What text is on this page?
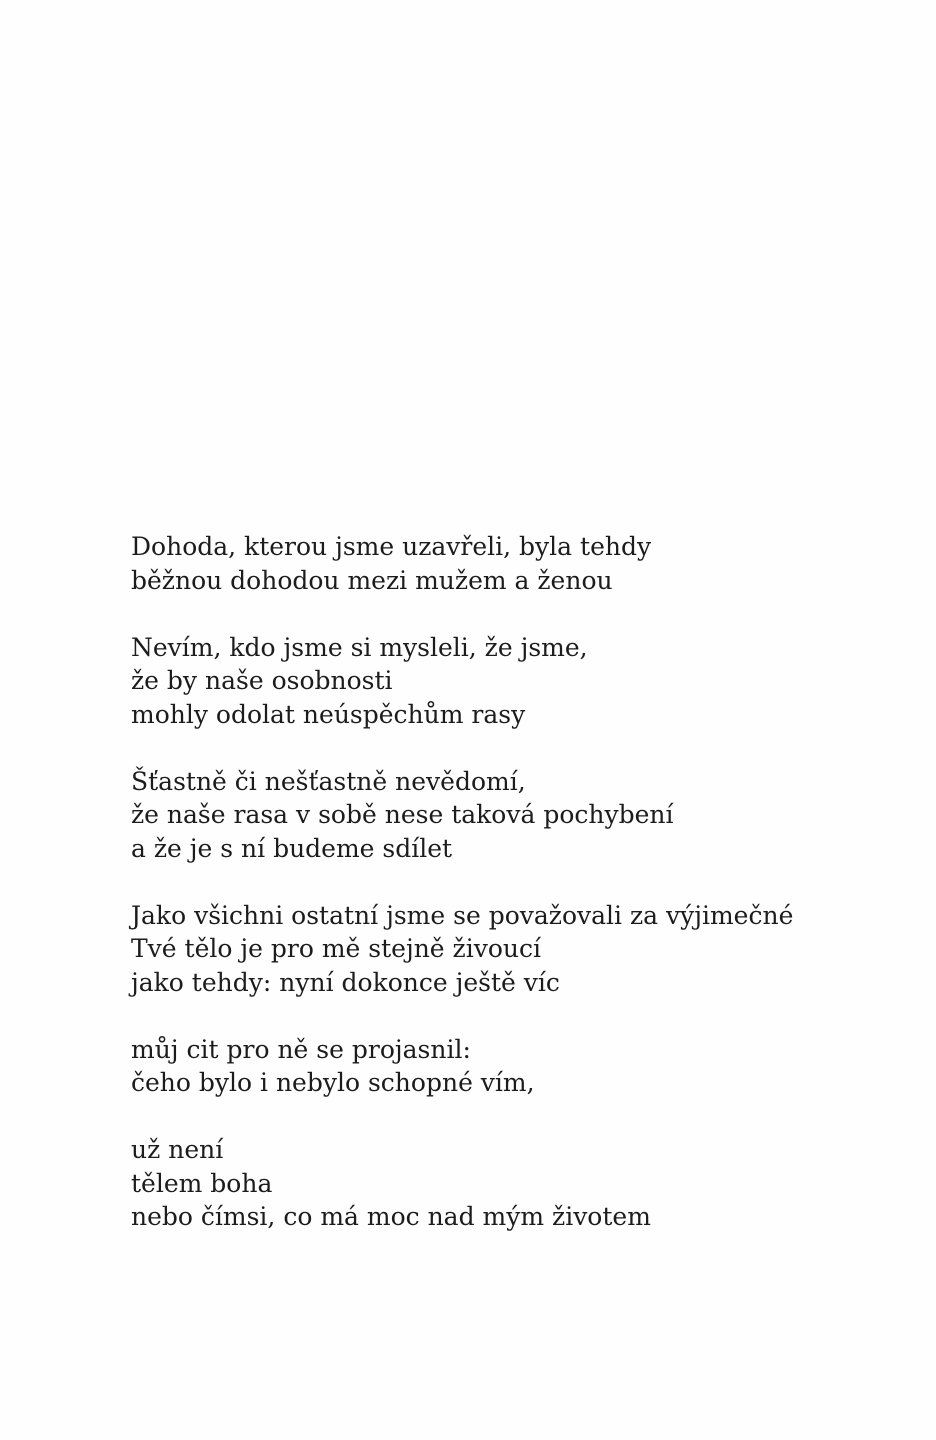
Dohoda, kterou jsme uzavřeli, byla tehdy
běžnou dohodou mezi mužem a ženou
Nevím, kdo jsme si mysleli, že jsme,
že by naše osobnosti
mohly odolat neúspěchům rasy
Šťastně či nešťastně nevědomí,
že naše rasa v sobě nese taková pochybení
a že je s ní budeme sdílet
Jako všichni ostatní jsme se považovali za výjimečné
Tvé tělo je pro mě stejně živoucí
jako tehdy: nyní dokonce ještě víc
můj cit pro ně se projasnil:
čeho bylo i nebylo schopné vím,
už není
tělem boha
nebo čímsi, co má moc nad mým životem
